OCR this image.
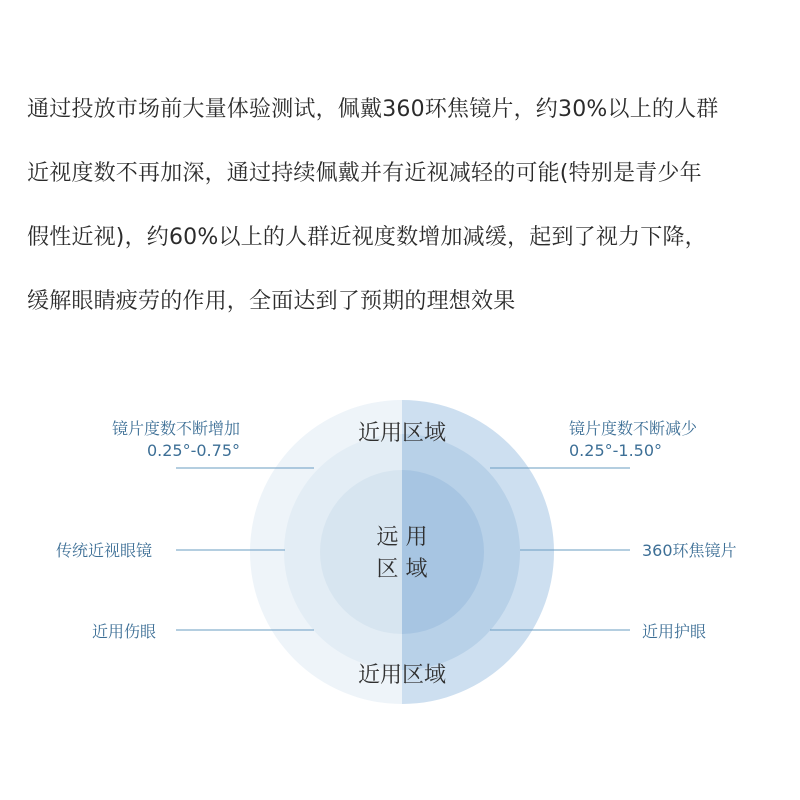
通过投放市场前大量体验测试，佩戴360环焦镜片，约30%以上的人群
近视度数不再加深，通过持续佩戴并有近视减轻的可能(特别是青少年
假性近视)，约60%以上的人群近视度数增加减缓，起到了视力下降，
缓解眼睛疲劳的作用，全面达到了预期的理想效果
近用区域
远 用
区 域
近用区域
镜片度数不断增加
0.25°-0.75°
传统近视眼镜
近用伤眼
镜片度数不断减少
0.25°-1.50°
360环焦镜片
近用护眼
